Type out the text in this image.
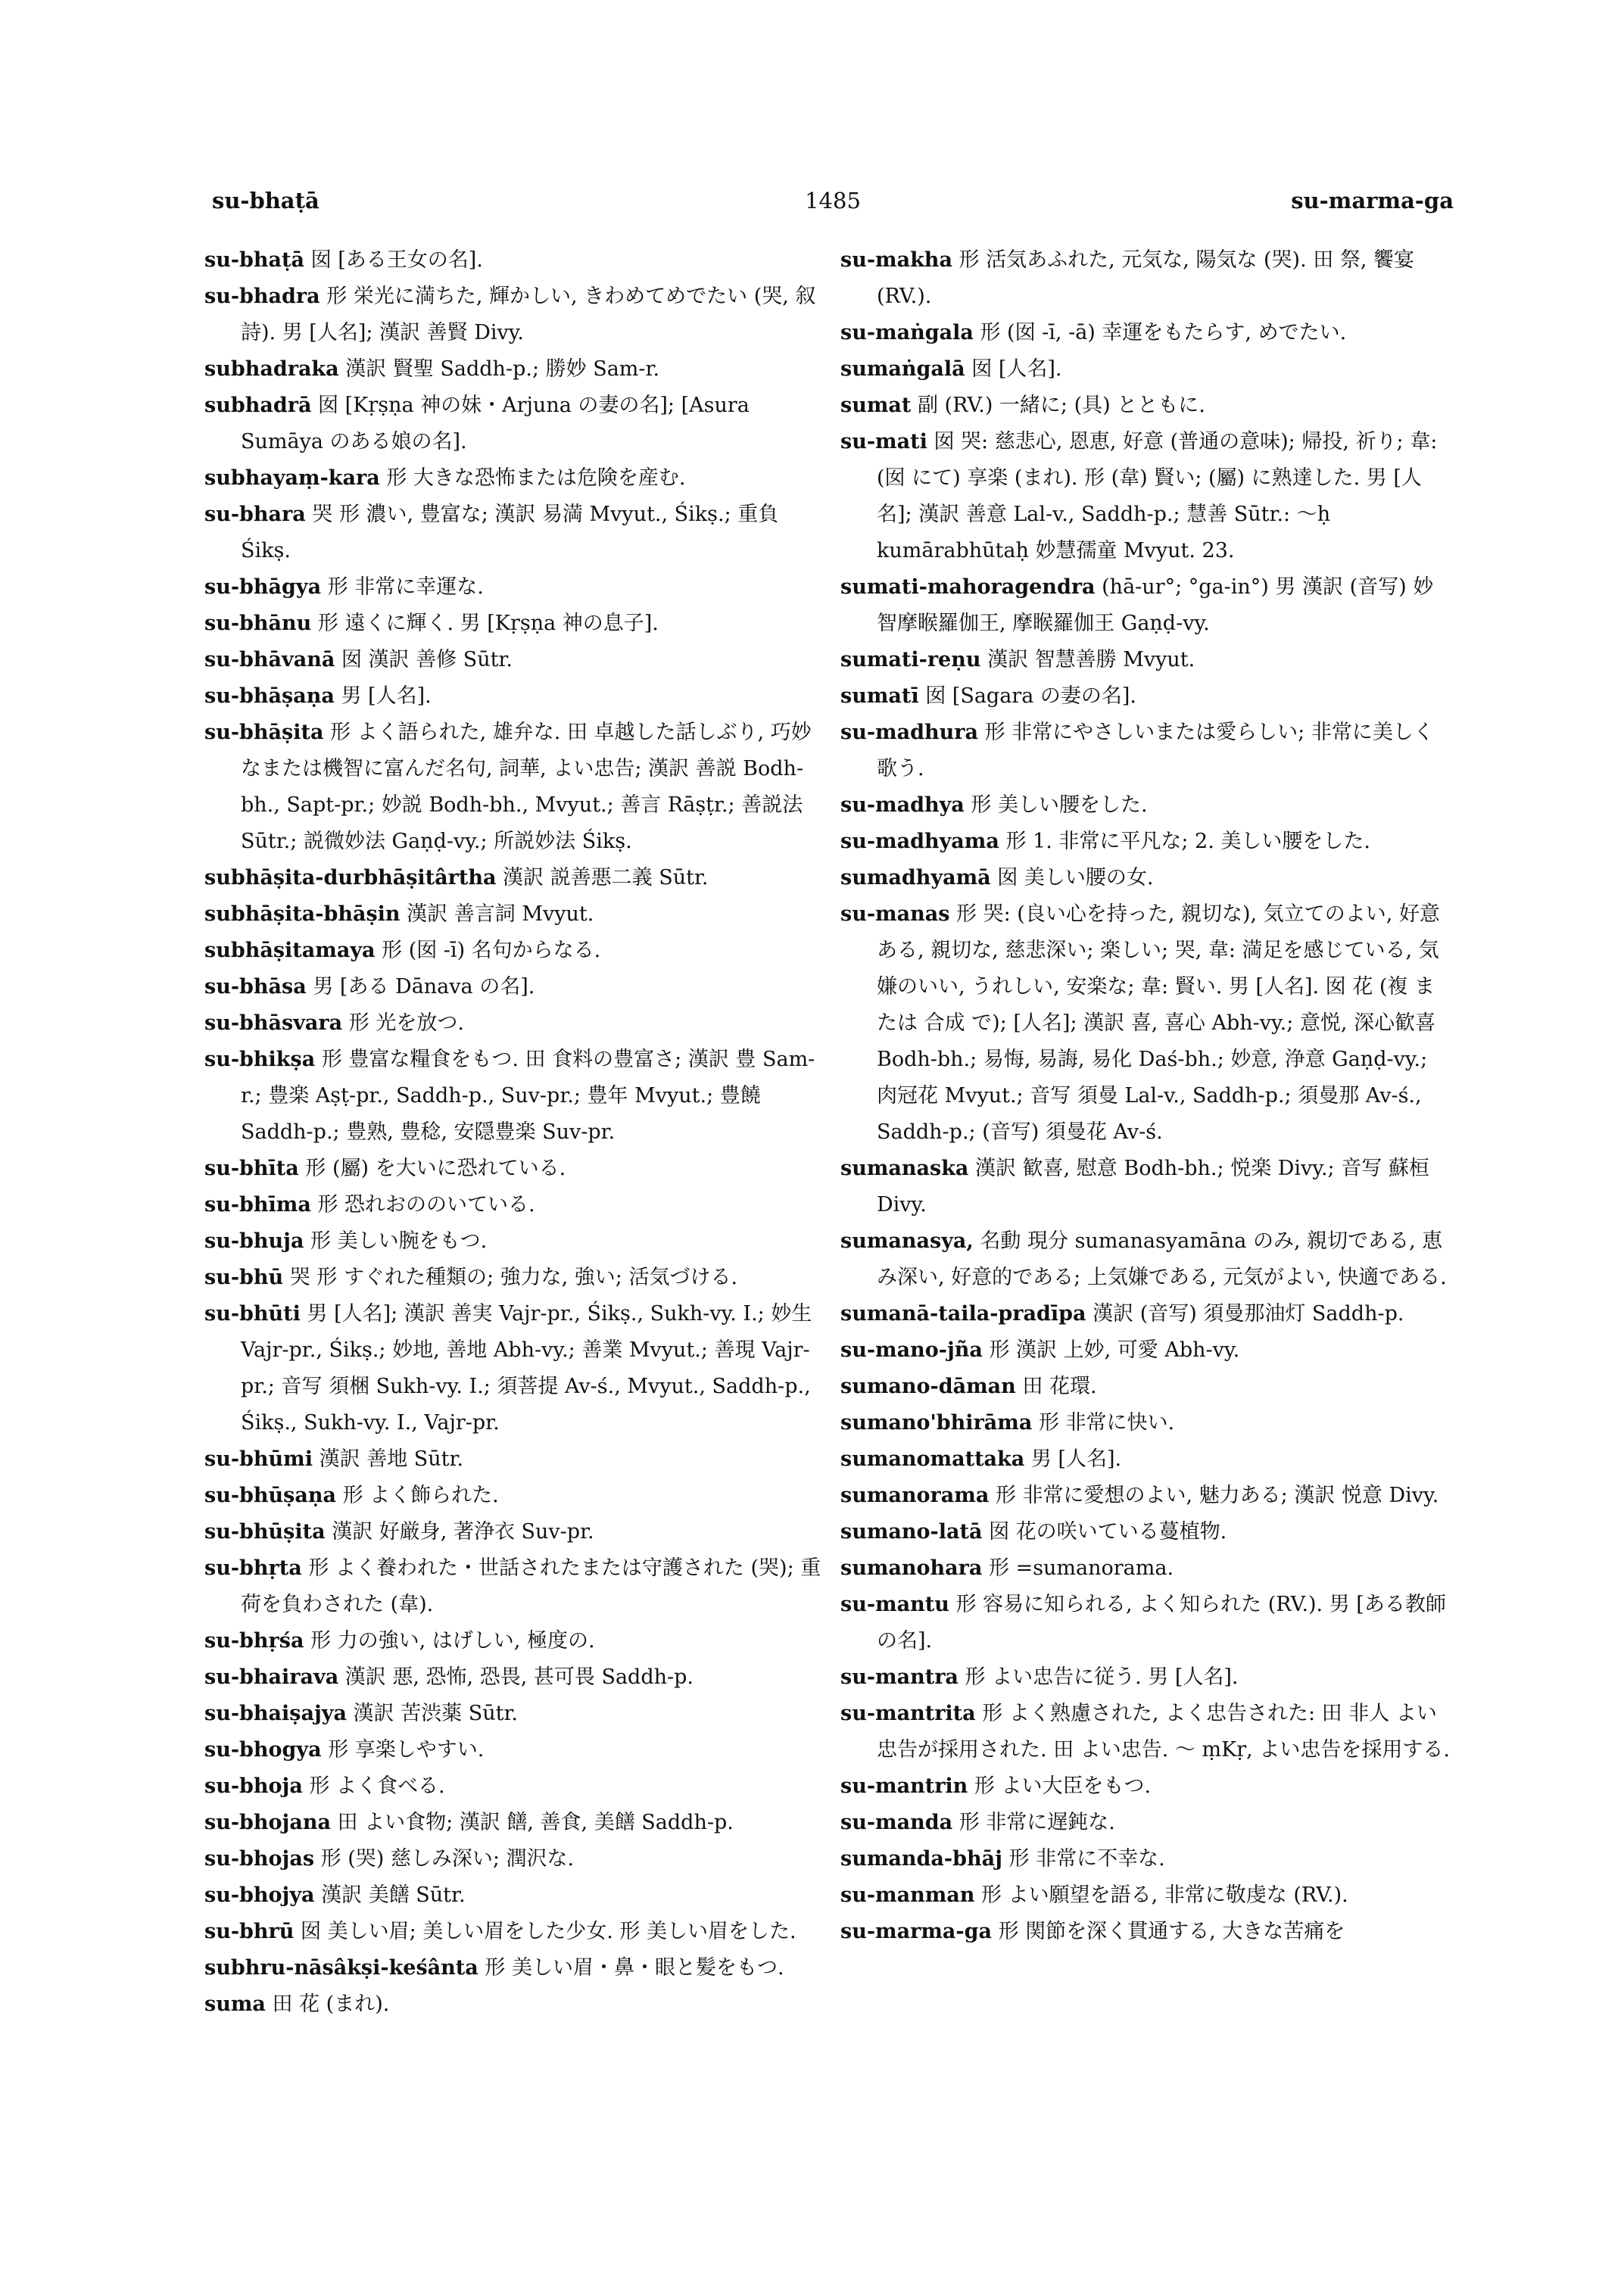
su-bhaṭā	1485	su-marma-ga
su-bhaṭā 囡 [ある王女の名].
su-bhadra 形 栄光に満ちた, 輝かしい, きわめてめでたい (哭, 叙詩). 男 [人名]; 漢訳 善賢 Divy.
subhadraka 漢訳 賢聖 Saddh-p.; 勝妙 Sam-r.
subhadrā 囡 [Kṛṣṇa 神の妹・Arjuna の妻の名]; [Asura Sumāya のある娘の名].
subhayaṃ-kara 形 大きな恐怖または危険を産む.
su-bhara 哭 形 濃い, 豊富な; 漢訳 易満 Mvyut., Śikṣ.; 重負 Śikṣ.
su-bhāgya 形 非常に幸運な.
su-bhānu 形 遠くに輝く. 男 [Kṛṣṇa 神の息子].
su-bhāvanā 囡 漢訳 善修 Sūtr.
su-bhāṣaṇa 男 [人名].
su-bhāṣita 形 よく語られた, 雄弁な. 田 卓越した話しぶり, 巧妙なまたは機智に富んだ名句, 詞華, よい忠告; 漢訳 善説 Bodh-bh., Sapt-pr.; 妙説 Bodh-bh., Mvyut.; 善言 Rāṣṭr.; 善説法 Sūtr.; 説微妙法 Gaṇḍ-vy.; 所説妙法 Śikṣ.
subhāṣita-durbhāṣitârtha 漢訳 説善悪二義 Sūtr.
subhāṣita-bhāṣin 漢訳 善言詞 Mvyut.
subhāṣitamaya 形 (囡 -ī) 名句からなる.
su-bhāsa 男 [ある Dānava の名].
su-bhāsvara 形 光を放つ.
su-bhikṣa 形 豊富な糧食をもつ. 田 食料の豊富さ; 漢訳 豊 Sam-r.; 豊楽 Aṣṭ-pr., Saddh-p., Suv-pr.; 豊年 Mvyut.; 豊饒 Saddh-p.; 豊熟, 豊稔, 安隠豊楽 Suv-pr.
su-bhīta 形 (屬) を大いに恐れている.
su-bhīma 形 恐れおののいている.
su-bhuja 形 美しい腕をもつ.
su-bhū 哭 形 すぐれた種類の; 強力な, 強い; 活気づける.
su-bhūti 男 [人名]; 漢訳 善実 Vajr-pr., Śikṣ., Sukh-vy. I.; 妙生 Vajr-pr., Śikṣ.; 妙地, 善地 Abh-vy.; 善業 Mvyut.; 善現 Vajr-pr.; 音写 須梱 Sukh-vy. I.; 須菩提 Av-ś., Mvyut., Saddh-p., Śikṣ., Sukh-vy. I., Vajr-pr.
su-bhūmi 漢訳 善地 Sūtr.
su-bhūṣaṇa 形 よく飾られた.
su-bhūṣita 漢訳 好厳身, 著浄衣 Suv-pr.
su-bhṛta 形 よく養われた・世話されたまたは守護された (哭); 重荷を負わされた (韋).
su-bhṛśa 形 力の強い, はげしい, 極度の.
su-bhairava 漢訳 悪, 恐怖, 恐畏, 甚可畏 Saddh-p.
su-bhaiṣajya 漢訳 苦渋薬 Sūtr.
su-bhogya 形 享楽しやすい.
su-bhoja 形 よく食べる.
su-bhojana 田 よい食物; 漢訳 饍, 善食, 美饍 Saddh-p.
su-bhojas 形 (哭) 慈しみ深い; 潤沢な.
su-bhojya 漢訳 美饍 Sūtr.
su-bhrū 囡 美しい眉; 美しい眉をした少女. 形 美しい眉をした.
subhru-nāsâkṣi-keśânta 形 美しい眉・鼻・眼と髪をもつ.
suma 田 花 (まれ).
su-makha 形 活気あふれた, 元気な, 陽気な (哭). 田 祭, 饗宴 (RV.).
su-maṅgala 形 (囡 -ī, -ā) 幸運をもたらす, めでたい.
sumaṅgalā 囡 [人名].
sumat 副 (RV.) 一緒に; (具) とともに.
su-mati 囡 哭: 慈悲心, 恩恵, 好意 (普通の意味); 帰投, 祈り; 韋: (囡 にて) 享楽 (まれ). 形 (韋) 賢い; (屬) に熟達した. 男 [人名]; 漢訳 善意 Lal-v., Saddh-p.; 慧善 Sūtr.: ～ḥ kumārabhūtaḥ 妙慧孺童 Mvyut. 23.
sumati-mahoragendra (hā-ur°; °ga-in°) 男 漢訳 (音写) 妙智摩睺羅伽王, 摩睺羅伽王 Gaṇḍ-vy.
sumati-reṇu 漢訳 智慧善勝 Mvyut.
sumatī 囡 [Sagara の妻の名].
su-madhura 形 非常にやさしいまたは愛らしい; 非常に美しく歌う.
su-madhya 形 美しい腰をした.
su-madhyama 形 1. 非常に平凡な; 2. 美しい腰をした.
sumadhyamā 囡 美しい腰の女.
su-manas 形 哭: (良い心を持った, 親切な), 気立てのよい, 好意ある, 親切な, 慈悲深い; 楽しい; 哭, 韋: 満足を感じている, 気嫌のいい, うれしい, 安楽な; 韋: 賢い. 男 [人名]. 囡 花 (複 または 合成 で); [人名]; 漢訳 喜, 喜心 Abh-vy.; 意悦, 深心歓喜 Bodh-bh.; 易悔, 易誨, 易化 Daś-bh.; 妙意, 浄意 Gaṇḍ-vy.; 肉冠花 Mvyut.; 音写 須曼 Lal-v., Saddh-p.; 須曼那 Av-ś., Saddh-p.; (音写) 須曼花 Av-ś.
sumanaska 漢訳 歓喜, 慰意 Bodh-bh.; 悦楽 Divy.; 音写 蘇桓 Divy.
sumanasya, 名動 現分 sumanasyamāna のみ, 親切である, 恵み深い, 好意的である; 上気嫌である, 元気がよい, 快適である.
sumanā-taila-pradīpa 漢訳 (音写) 須曼那油灯 Saddh-p.
su-mano-jña 形 漢訳 上妙, 可愛 Abh-vy.
sumano-dāman 田 花環.
sumano'bhirāma 形 非常に快い.
sumanomattaka 男 [人名].
sumanorama 形 非常に愛想のよい, 魅力ある; 漢訳 悦意 Divy.
sumano-latā 囡 花の咲いている蔓植物.
sumanohara 形 =sumanorama.
su-mantu 形 容易に知られる, よく知られた (RV.). 男 [ある教師の名].
su-mantra 形 よい忠告に従う. 男 [人名].
su-mantrita 形 よく熟慮された, よく忠告された: 田 非人 よい忠告が採用された. 田 よい忠告. ～ ṃKṛ, よい忠告を採用する.
su-mantrin 形 よい大臣をもつ.
su-manda 形 非常に遅鈍な.
sumanda-bhāj 形 非常に不幸な.
su-manman 形 よい願望を語る, 非常に敬虔な (RV.).
su-marma-ga 形 関節を深く貫通する, 大きな苦痛を
